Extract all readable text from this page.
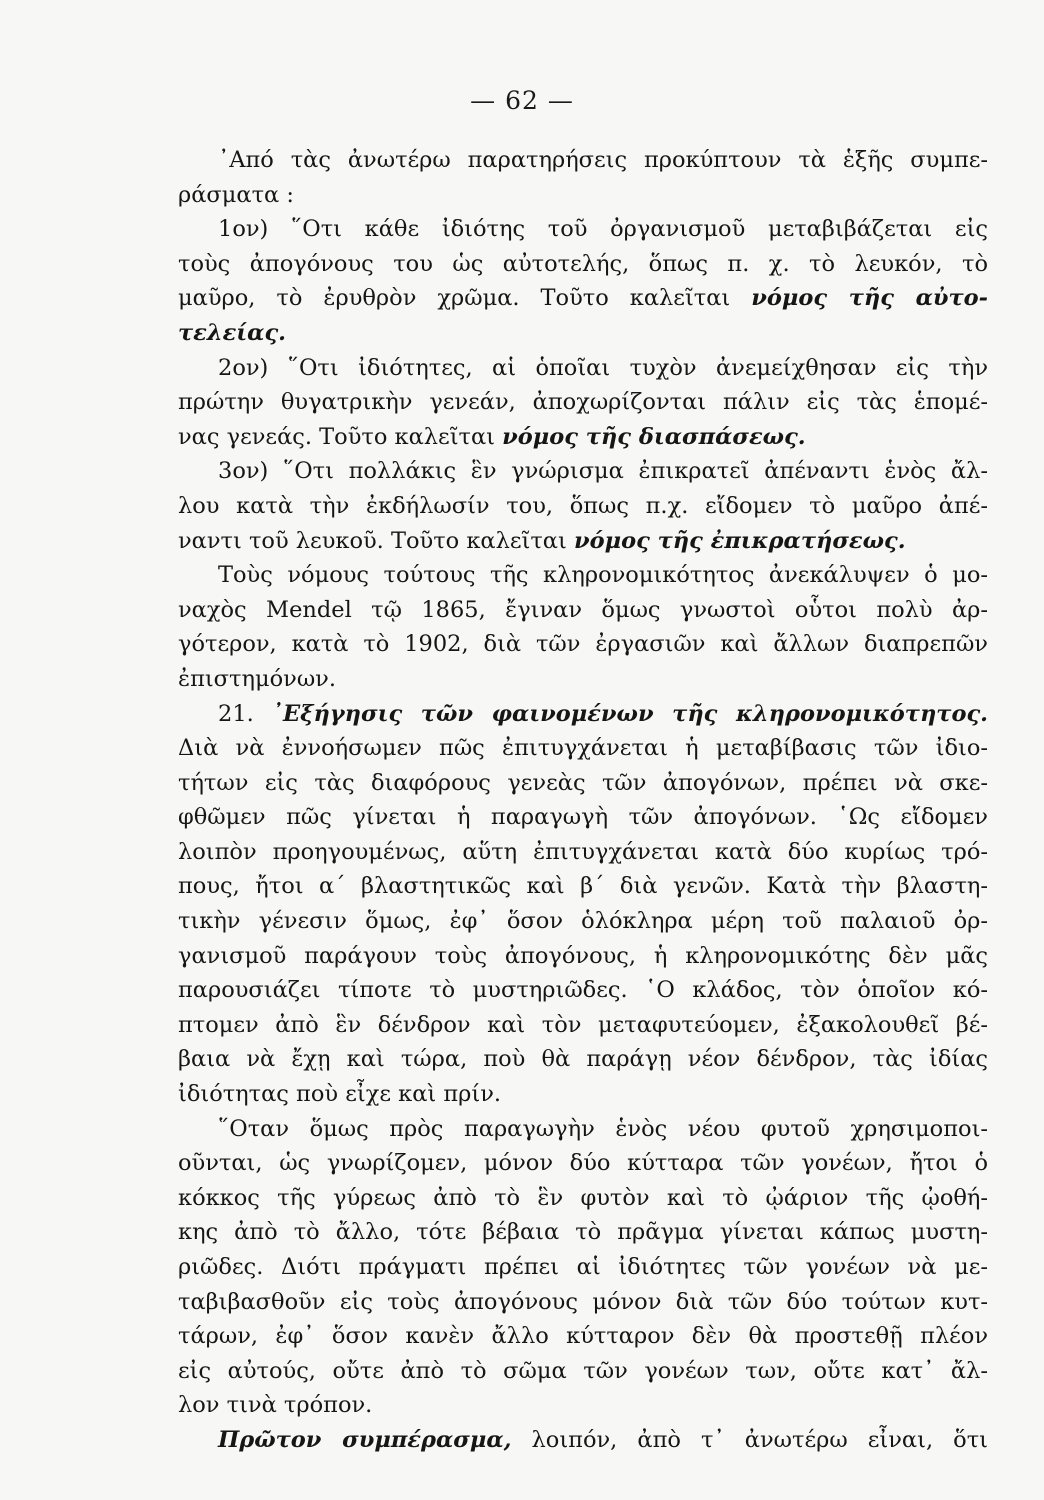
— 62 —
᾿Από τὰς ἀνωτέρω παρατηρήσεις προκύπτουν τὰ ἑξῆς συμπε-
ράσματα :
1ον) ῞Οτι κάθε ἰδιότης τοῦ ὀργανισμοῦ μεταβιβάζεται εἰς
τοὺς ἀπογόνους του ὡς αὐτοτελής, ὅπως π. χ. τὸ λευκόν, τὸ
μαῦρο, τὸ ἐρυθρὸν χρῶμα. Τοῦτο καλεῖται νόμος τῆς αὐτο-
τελείας.
2ον) ῞Οτι ἰδιότητες, αἱ ὁποῖαι τυχὸν ἀνεμείχθησαν εἰς τὴν
πρώτην θυγατρικὴν γενεάν, ἀποχωρίζονται πάλιν εἰς τὰς ἑπομέ-
νας γενεάς. Τοῦτο καλεῖται νόμος τῆς διασπάσεως.
3ον) ῞Οτι πολλάκις ἓν γνώρισμα ἐπικρατεῖ ἀπέναντι ἑνὸς ἄλ-
λου κατὰ τὴν ἐκδήλωσίν του, ὅπως π.χ. εἴδομεν τὸ μαῦρο ἀπέ-
ναντι τοῦ λευκοῦ. Τοῦτο καλεῖται νόμος τῆς ἐπικρατήσεως.
Τοὺς νόμους τούτους τῆς κληρονομικότητος ἀνεκάλυψεν ὁ μο-
ναχὸς Mendel τῷ 1865, ἔγιναν ὅμως γνωστοὶ οὗτοι πολὺ ἀρ-
γότερον, κατὰ τὸ 1902, διὰ τῶν ἐργασιῶν καὶ ἄλλων διαπρεπῶν
ἐπιστημόνων.
21. ᾿Εξήγησις τῶν φαινομένων τῆς κληρονομικότητος.
Διὰ νὰ ἐννοήσωμεν πῶς ἐπιτυγχάνεται ἡ μεταβίβασις τῶν ἰδιο-
τήτων εἰς τὰς διαφόρους γενεὰς τῶν ἀπογόνων, πρέπει νὰ σκε-
φθῶμεν πῶς γίνεται ἡ παραγωγὴ τῶν ἀπογόνων. ῾Ως εἴδομεν
λοιπὸν προηγουμένως, αὕτη ἐπιτυγχάνεται κατὰ δύο κυρίως τρό-
πους, ἤτοι α΄ βλαστητικῶς καὶ β΄ διὰ γενῶν. Κατὰ τὴν βλαστη-
τικὴν γένεσιν ὅμως, ἐφ᾿ ὅσον ὁλόκληρα μέρη τοῦ παλαιοῦ ὀρ-
γανισμοῦ παράγουν τοὺς ἀπογόνους, ἡ κληρονομικότης δὲν μᾶς
παρουσιάζει τίποτε τὸ μυστηριῶδες. ῾Ο κλάδος, τὸν ὁποῖον κό-
πτομεν ἀπὸ ἓν δένδρον καὶ τὸν μεταφυτεύομεν, ἐξακολουθεῖ βέ-
βαια νὰ ἔχῃ καὶ τώρα, ποὺ θὰ παράγῃ νέον δένδρον, τὰς ἰδίας
ἰδιότητας ποὺ εἶχε καὶ πρίν.
῞Οταν ὅμως πρὸς παραγωγὴν ἑνὸς νέου φυτοῦ χρησιμοποι-
οῦνται, ὡς γνωρίζομεν, μόνον δύο κύτταρα τῶν γονέων, ἤτοι ὁ
κόκκος τῆς γύρεως ἀπὸ τὸ ἓν φυτὸν καὶ τὸ ᾠάριον τῆς ᾠοθή-
κης ἀπὸ τὸ ἄλλο, τότε βέβαια τὸ πρᾶγμα γίνεται κάπως μυστη-
ριῶδες. Διότι πράγματι πρέπει αἱ ἰδιότητες τῶν γονέων νὰ με-
ταβιβασθοῦν εἰς τοὺς ἀπογόνους μόνον διὰ τῶν δύο τούτων κυτ-
τάρων, ἐφ᾿ ὅσον κανὲν ἄλλο κύτταρον δὲν θὰ προστεθῇ πλέον
εἰς αὐτούς, οὔτε ἀπὸ τὸ σῶμα τῶν γονέων των, οὔτε κατ᾿ ἄλ-
λον τινὰ τρόπον.
Πρῶτον συμπέρασμα, λοιπόν, ἀπὸ τ᾿ ἀνωτέρω εἶναι, ὅτι
